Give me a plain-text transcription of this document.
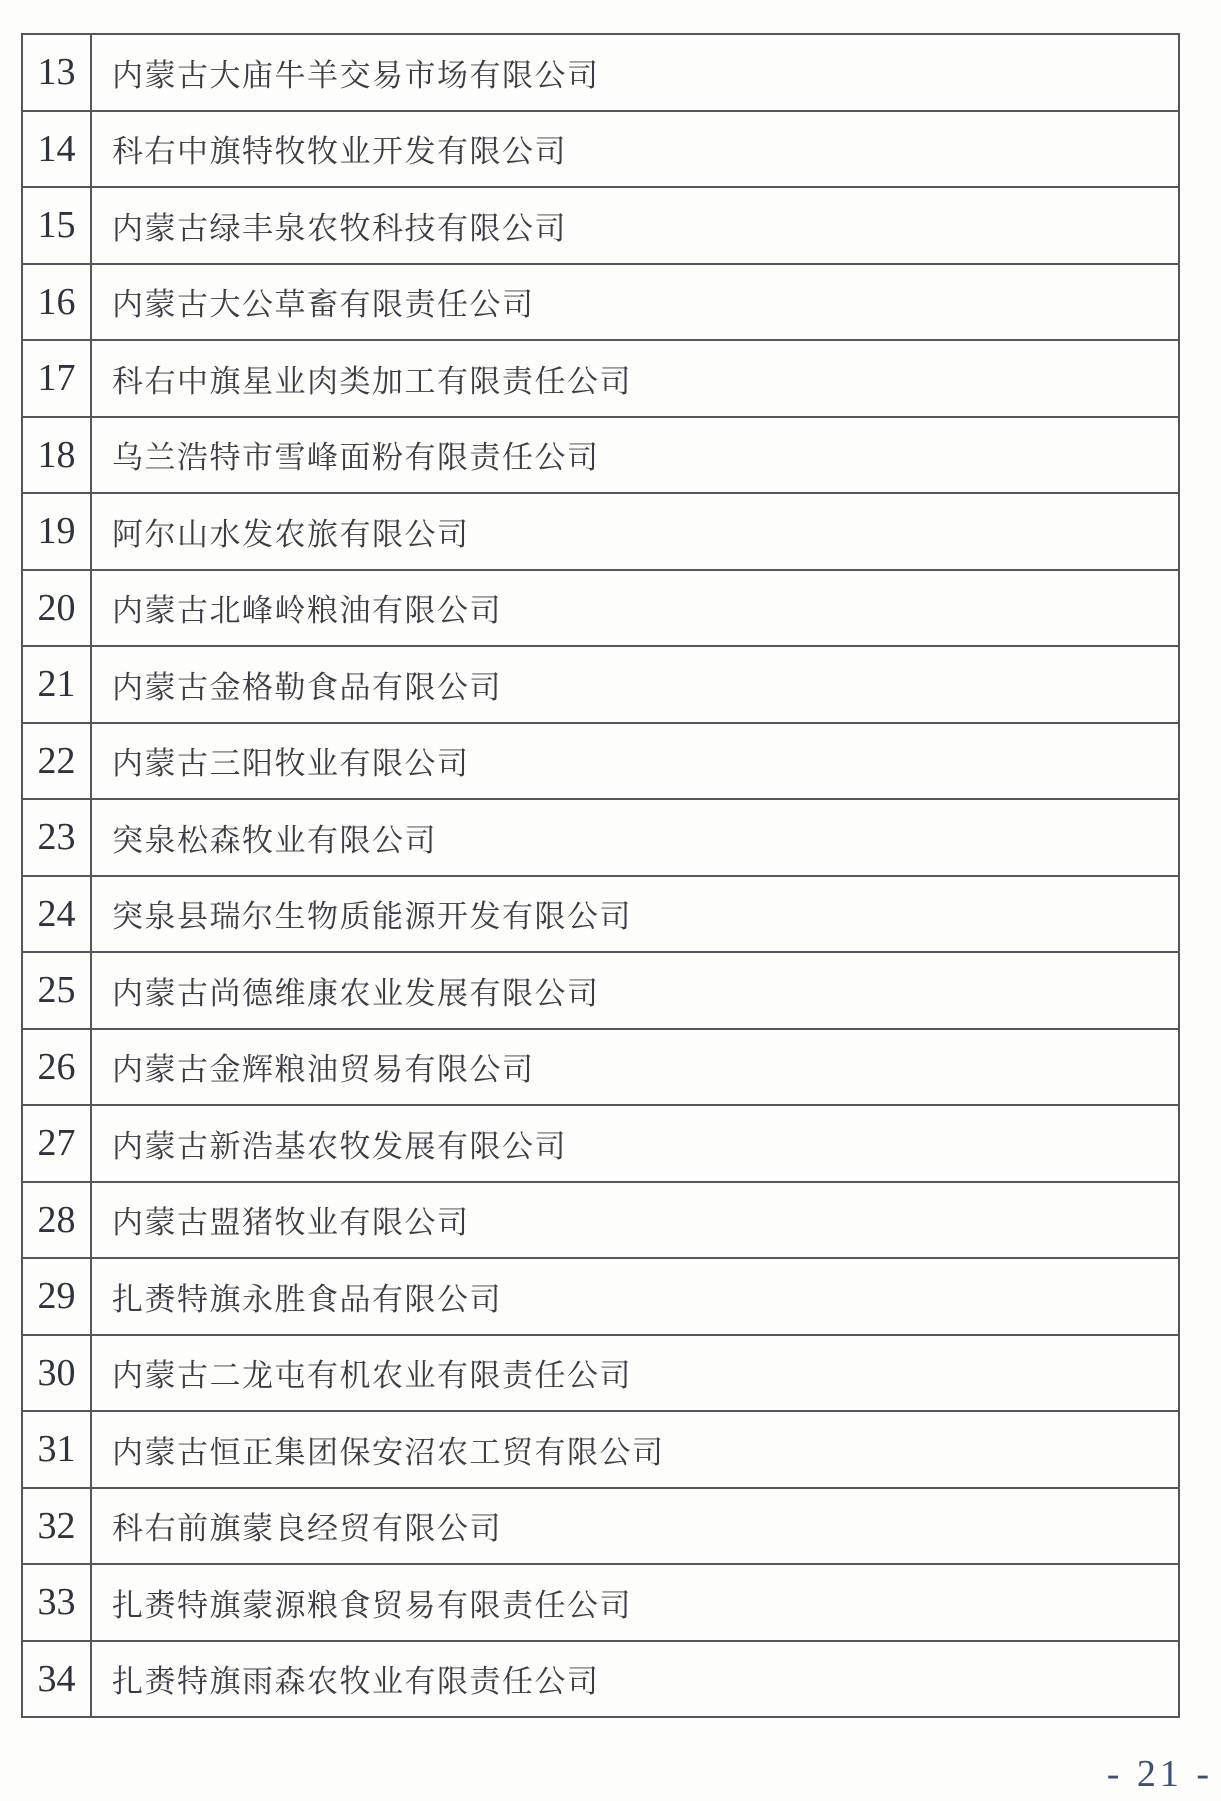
13	内蒙古大庙牛羊交易市场有限公司
14	科右中旗特牧牧业开发有限公司
15	内蒙古绿丰泉农牧科技有限公司
16	内蒙古大公草畜有限责任公司
17	科右中旗星业肉类加工有限责任公司
18	乌兰浩特市雪峰面粉有限责任公司
19	阿尔山水发农旅有限公司
20	内蒙古北峰岭粮油有限公司
21	内蒙古金格勒食品有限公司
22	内蒙古三阳牧业有限公司
23	突泉松森牧业有限公司
24	突泉县瑞尔生物质能源开发有限公司
25	内蒙古尚德维康农业发展有限公司
26	内蒙古金辉粮油贸易有限公司
27	内蒙古新浩基农牧发展有限公司
28	内蒙古盟猪牧业有限公司
29	扎赉特旗永胜食品有限公司
30	内蒙古二龙屯有机农业有限责任公司
31	内蒙古恒正集团保安沼农工贸有限公司
32	科右前旗蒙良经贸有限公司
33	扎赉特旗蒙源粮食贸易有限责任公司
34	扎赉特旗雨森农牧业有限责任公司
- 21 -
